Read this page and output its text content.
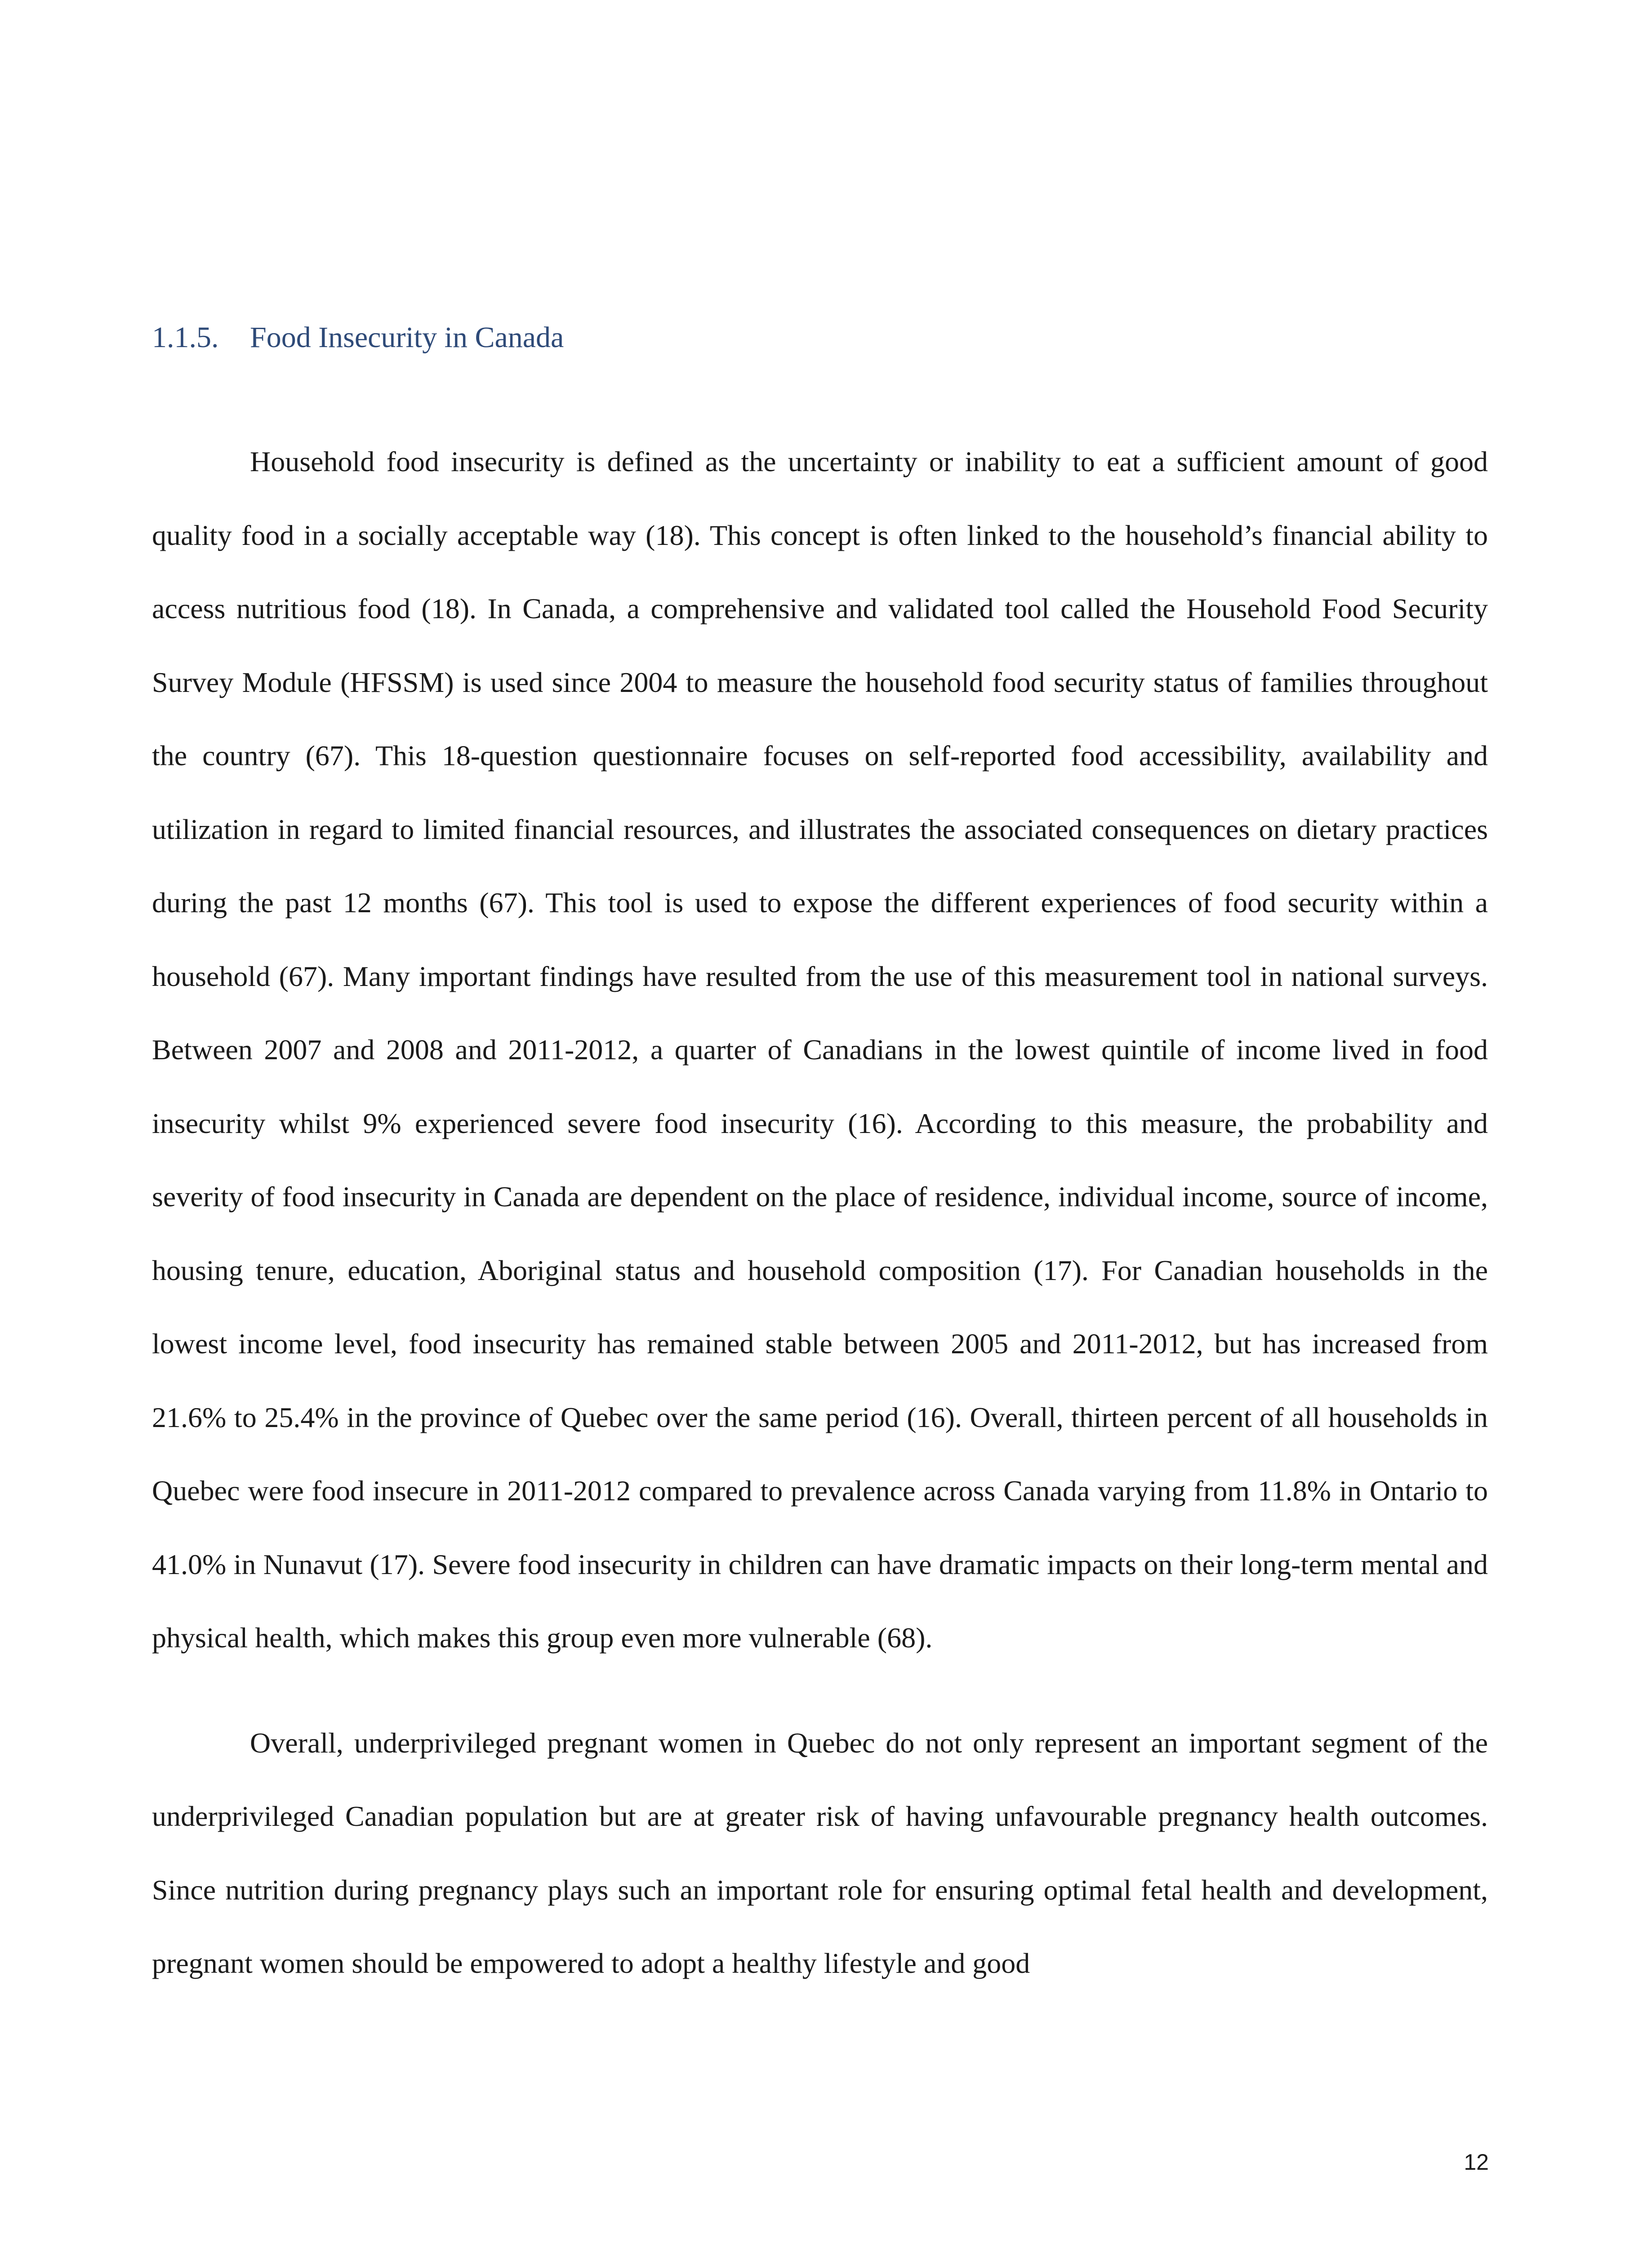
1.1.5. Food Insecurity in Canada

Household food insecurity is defined as the uncertainty or inability to eat a sufficient amount of good quality food in a socially acceptable way (18). This concept is often linked to the household’s financial ability to access nutritious food (18). In Canada, a comprehensive and validated tool called the Household Food Security Survey Module (HFSSM) is used since 2004 to measure the household food security status of families throughout the country (67). This 18-question questionnaire focuses on self-reported food accessibility, availability and utilization in regard to limited financial resources, and illustrates the associated consequences on dietary practices during the past 12 months (67). This tool is used to expose the different experiences of food security within a household (67). Many important findings have resulted from the use of this measurement tool in national surveys. Between 2007 and 2008 and 2011-2012, a quarter of Canadians in the lowest quintile of income lived in food insecurity whilst 9% experienced severe food insecurity (16). According to this measure, the probability and severity of food insecurity in Canada are dependent on the place of residence, individual income, source of income, housing tenure, education, Aboriginal status and household composition (17). For Canadian households in the lowest income level, food insecurity has remained stable between 2005 and 2011-2012, but has increased from 21.6% to 25.4% in the province of Quebec over the same period (16). Overall, thirteen percent of all households in Quebec were food insecure in 2011-2012 compared to prevalence across Canada varying from 11.8% in Ontario to 41.0% in Nunavut (17). Severe food insecurity in children can have dramatic impacts on their long-term mental and physical health, which makes this group even more vulnerable (68).

Overall, underprivileged pregnant women in Quebec do not only represent an important segment of the underprivileged Canadian population but are at greater risk of having unfavourable pregnancy health outcomes. Since nutrition during pregnancy plays such an important role for ensuring optimal fetal health and development, pregnant women should be empowered to adopt a healthy lifestyle and good

12
